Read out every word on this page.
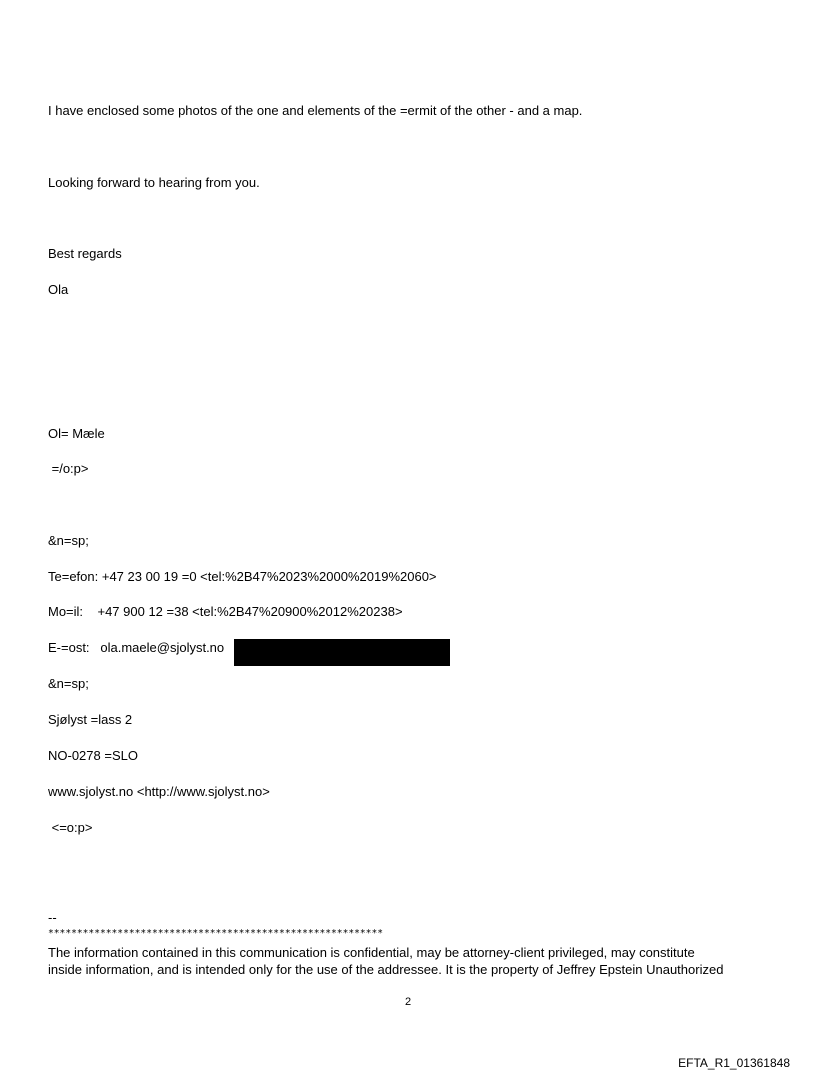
I have enclosed some photos of the one and elements of the =ermit of the other - and a map.
Looking forward to hearing from you.
Best regards
Ola
Ol= Mæle
=/o:p>
&n=sp;
Te=efon: +47 23 00 19 =0 <tel:%2B47%2023%2000%2019%2060>
Mo=il:    +47 900 12 =38 <tel:%2B47%20900%2012%20238>
E-=ost:   ola.maele@sjolyst.no
&n=sp;
Sjølyst =lass 2
NO-0278 =SLO
www.sjolyst.no <http://www.sjolyst.no>
<=o:p>
--
**********************************************************
The information contained in this communication is confidential, may be attorney-client privileged, may constitute
inside information, and is intended only for the use of the addressee. It is the property of Jeffrey Epstein Unauthorized
2
EFTA_R1_01361848
